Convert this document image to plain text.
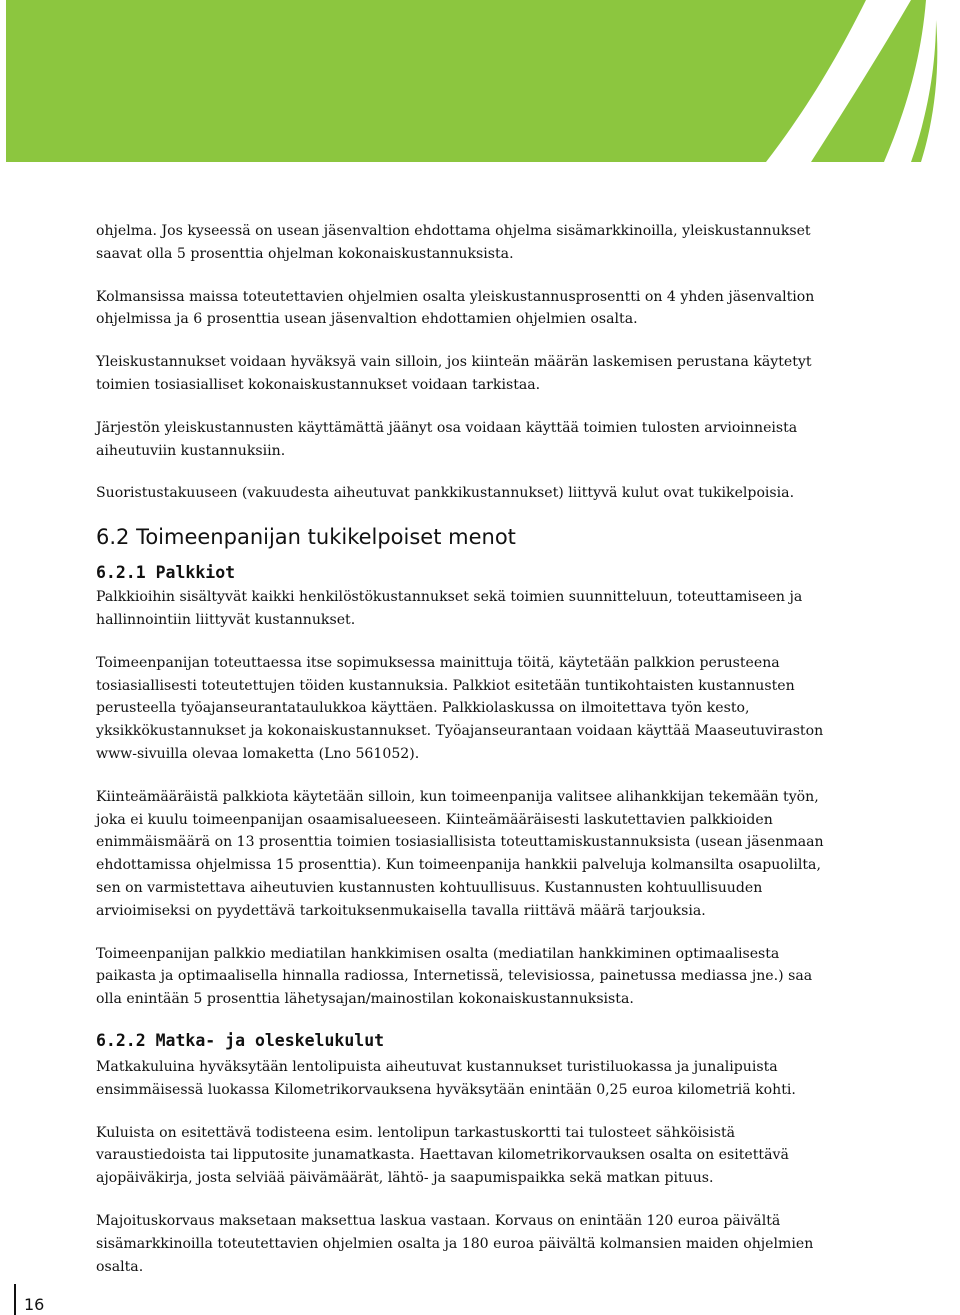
ohjelma. Jos kyseessä on usean jäsenvaltion ehdottama ohjelma sisämarkkinoilla, yleiskustannukset saavat olla 5 prosenttia ohjelman kokonaiskustannuksista.

Kolmansissa maissa toteutettavien ohjelmien osalta yleiskustannusprosentti on 4 yhden jäsenvaltion ohjelmissa ja 6 prosenttia usean jäsenvaltion ehdottamien ohjelmien osalta.

Yleiskustannukset voidaan hyväksyä vain silloin, jos kiinteän määrän laskemisen perustana käytetyt toimien tosiasialliset kokonaiskustannukset voidaan tarkistaa.

Järjestön yleiskustannusten käyttämättä jäänyt osa voidaan käyttää toimien tulosten arvioinneista aiheutuviin kustannuksiin.

Suoristustakuuseen (vakuudesta aiheutuvat pankkikustannukset) liittyvä kulut ovat tukikelpoisia.

6.2 Toimeenpanijan tukikelpoiset menot
6.2.1 Palkkiot

Palkkioihin sisältyvät kaikki henkilöstökustannukset sekä toimien suunnitteluun, toteuttamiseen ja hallinnointiin liittyvät kustannukset.

Toimeenpanijan toteuttaessa itse sopimuksessa mainittuja töitä, käytetään palkkion perusteena tosiasiallisesti toteutettujen töiden kustannuksia. Palkkiot esitetään tuntikohtaisten kustannusten perusteella työajanseurantataulukkoa käyttäen. Palkkiolaskussa on ilmoitettava työn kesto, yksikkökustannukset ja kokonaiskustannukset. Työajanseurantaan voidaan käyttää Maaseutuviraston www-sivuilla olevaa lomaketta (Lno 561052).

Kiinteämääräistä palkkiota käytetään silloin, kun toimeenpanija valitsee alihankkijan tekemään työn, joka ei kuulu toimeenpanijan osaamisalueeseen. Kiinteämääräisesti laskutettavien palkkioiden enimmäismäärä on 13 prosenttia toimien tosiasiallisista toteuttamiskustannuksista (usean jäsenmaan ehdottamissa ohjelmissa 15 prosenttia). Kun toimeenpanija hankkii palveluja kolmansilta osapuolilta, sen on varmistettava aiheutuvien kustannusten kohtuullisuus. Kustannusten kohtuullisuuden arvioimiseksi on pyydettävä tarkoituksenmukaisella tavalla riittävä määrä tarjouksia.

Toimeenpanijan palkkio mediatilan hankkimisen osalta (mediatilan hankkiminen optimaalisesta paikasta ja optimaalisella hinnalla radiossa, Internetissä, televisiossa, painetussa mediassa jne.) saa olla enintään 5 prosenttia lähetysajan/mainostilan kokonaiskustannuksista.

6.2.2 Matka- ja oleskelukulut

Matkakuluina hyväksytään lentolipuista aiheutuvat kustannukset turistiluokassa ja junalipuista ensimmäisessä luokassa Kilometrikorvauksena hyväksytään enintään 0,25 euroa kilometriä kohti.

Kuluista on esitettävä todisteena esim. lentolipun tarkastuskortti tai tulosteet sähköisistä varaustiedoista tai lipputosite junamatkasta. Haettavan kilometrikorvauksen osalta on esitettävä ajopäiväkirja, josta selviää päivämäärät, lähtö- ja saapumispaikka sekä matkan pituus.

Majoituskorvaus maksetaan maksettua laskua vastaan. Korvaus on enintään 120 euroa päivältä sisämarkkinoilla toteutettavien ohjelmien osalta ja 180 euroa päivältä kolmansien maiden ohjelmien osalta.

16
